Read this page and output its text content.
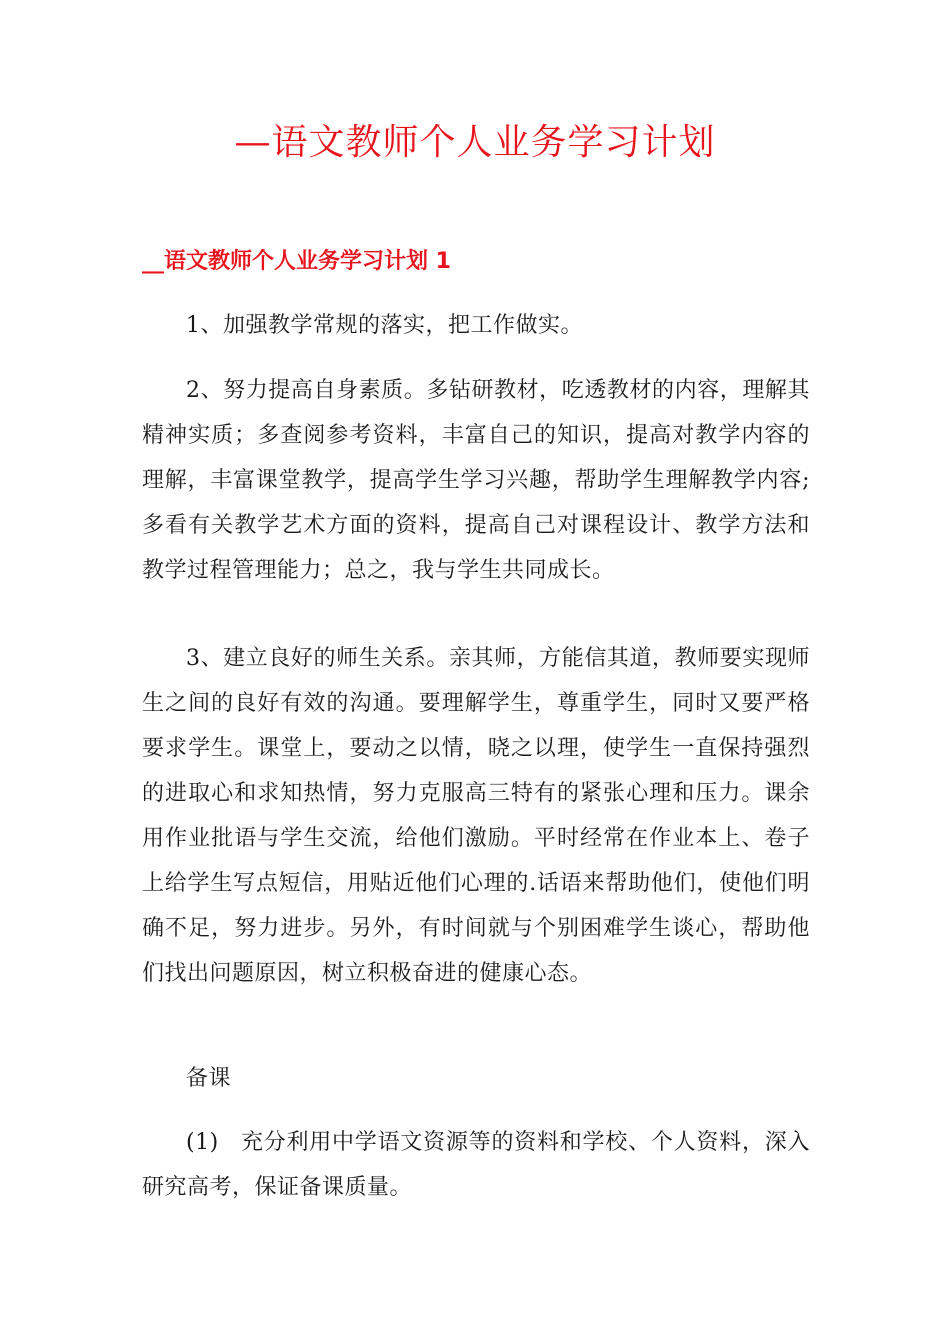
—语文教师个人业务学习计划
__语文教师个人业务学习计划 1

1、加强教学常规的落实，把工作做实。

2、努力提高自身素质。多钻研教材，吃透教材的内容，理解其精神实质；多查阅参考资料，丰富自己的知识，提高对教学内容的理解，丰富课堂教学，提高学生学习兴趣，帮助学生理解教学内容;多看有关教学艺术方面的资料，提高自己对课程设计、教学方法和教学过程管理能力；总之，我与学生共同成长。

3、建立良好的师生关系。亲其师，方能信其道，教师要实现师生之间的良好有效的沟通。要理解学生，尊重学生，同时又要严格要求学生。课堂上，要动之以情，晓之以理，使学生一直保持强烈的进取心和求知热情，努力克服高三特有的紧张心理和压力。课余用作业批语与学生交流，给他们激励。平时经常在作业本上、卷子上给学生写点短信，用贴近他们心理的.话语来帮助他们，使他们明确不足，努力进步。另外，有时间就与个别困难学生谈心，帮助他们找出问题原因，树立积极奋进的健康心态。

备课

(1) 充分利用中学语文资源等的资料和学校、个人资料，深入研究高考，保证备课质量。
